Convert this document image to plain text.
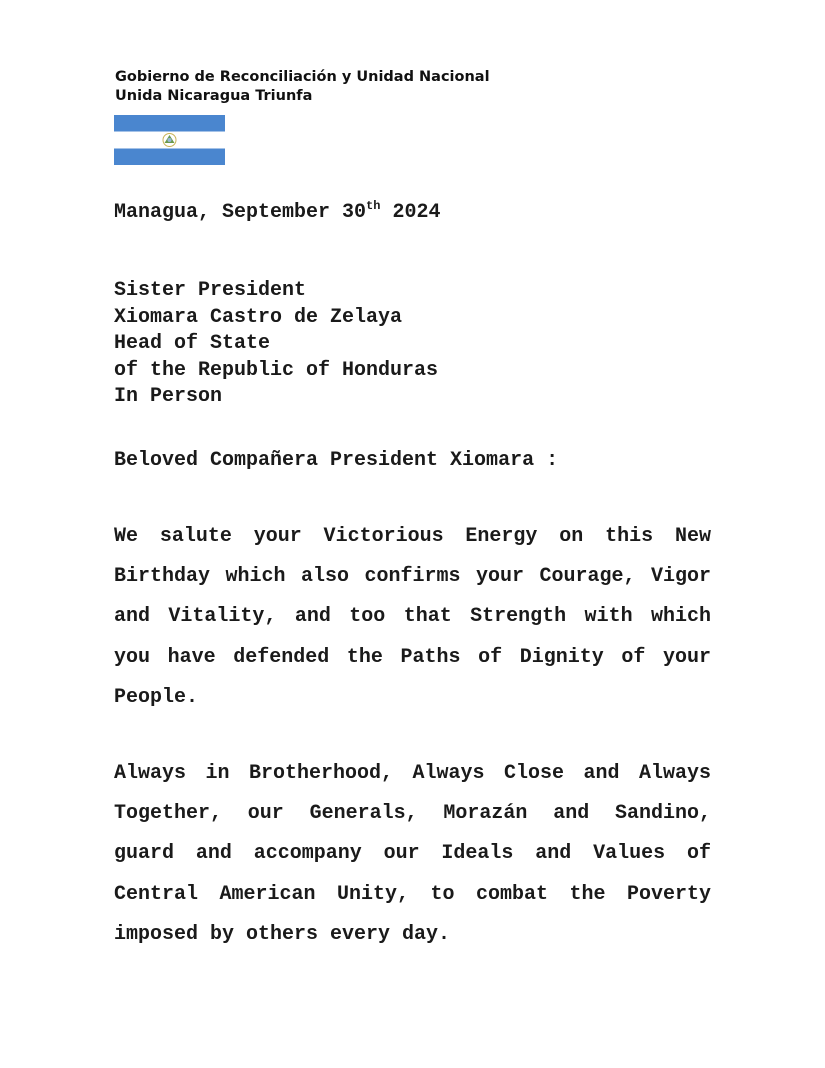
Gobierno de Reconciliación y Unidad Nacional
Unida Nicaragua Triunfa
Managua, September 30th 2024
Sister President
Xiomara Castro de Zelaya
Head of State
of the Republic of Honduras
In Person
Beloved Compañera President Xiomara :
We salute your Victorious Energy on this New Birthday which also confirms your Courage, Vigor and Vitality, and too that Strength with which you have defended the Paths of Dignity of your People.
Always in Brotherhood, Always Close and Always Together, our Generals, Morazán and Sandino, guard and accompany our Ideals and Values of Central American Unity, to combat the Poverty imposed by others every day.
